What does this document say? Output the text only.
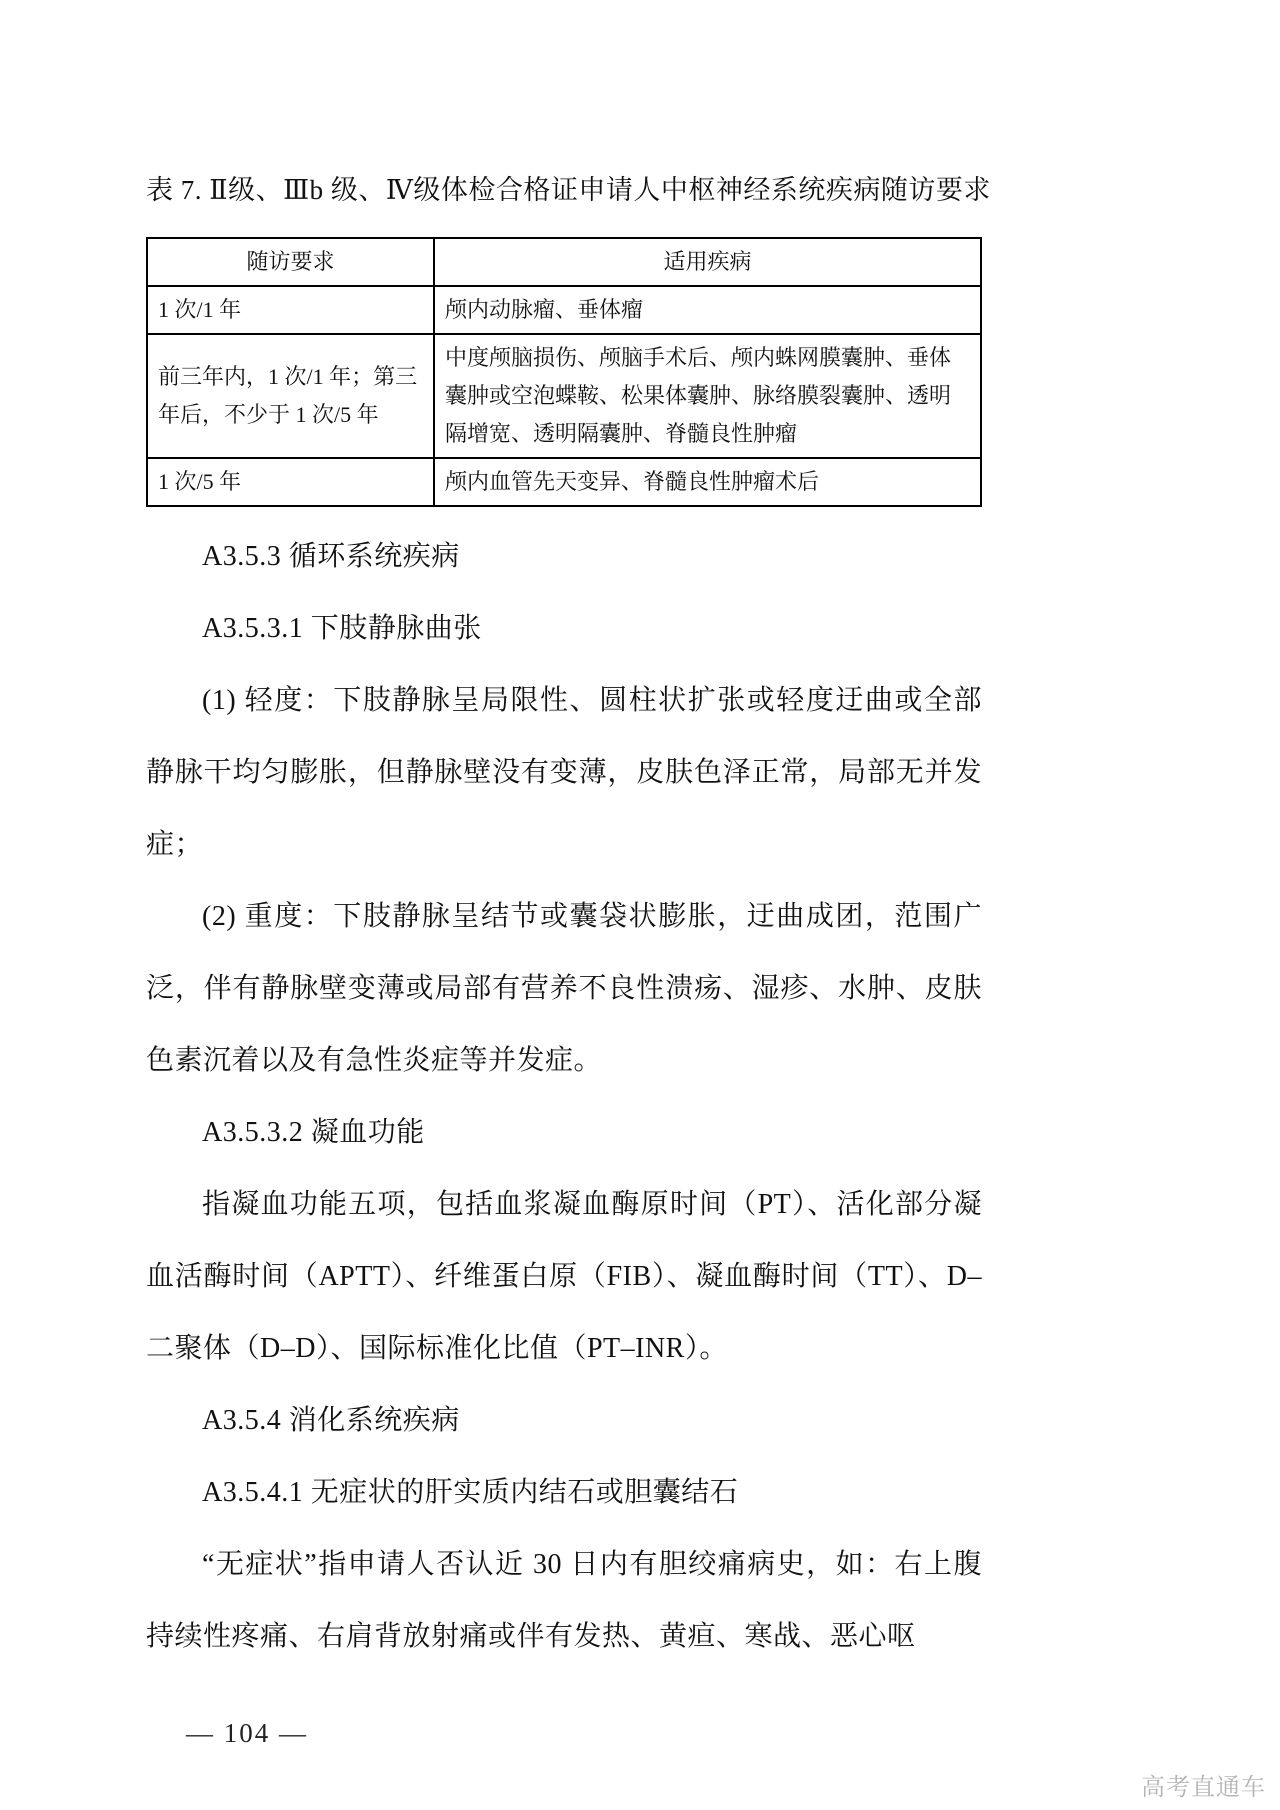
表 7. Ⅱ级、Ⅲb 级、Ⅳ级体检合格证申请人中枢神经系统疾病随访要求
随访要求	适用疾病
1 次/1 年	颅内动脉瘤、垂体瘤
前三年内，1 次/1 年；第三年后，不少于 1 次/5 年	中度颅脑损伤、颅脑手术后、颅内蛛网膜囊肿、垂体囊肿或空泡蝶鞍、松果体囊肿、脉络膜裂囊肿、透明隔增宽、透明隔囊肿、脊髓良性肿瘤
1 次/5 年	颅内血管先天变异、脊髓良性肿瘤术后
A3.5.3 循环系统疾病
A3.5.3.1 下肢静脉曲张
(1) 轻度：下肢静脉呈局限性、圆柱状扩张或轻度迂曲或全部静脉干均匀膨胀，但静脉壁没有变薄，皮肤色泽正常，局部无并发症；
(2) 重度：下肢静脉呈结节或囊袋状膨胀，迂曲成团，范围广泛，伴有静脉壁变薄或局部有营养不良性溃疡、湿疹、水肿、皮肤色素沉着以及有急性炎症等并发症。
A3.5.3.2 凝血功能
指凝血功能五项，包括血浆凝血酶原时间（PT）、活化部分凝血活酶时间（APTT）、纤维蛋白原（FIB）、凝血酶时间（TT）、D–二聚体（D–D）、国际标准化比值（PT–INR）。
A3.5.4 消化系统疾病
A3.5.4.1 无症状的肝实质内结石或胆囊结石
“无症状”指申请人否认近 30 日内有胆绞痛病史，如：右上腹持续性疼痛、右肩背放射痛或伴有发热、黄疸、寒战、恶心呕
— 104 —
高考直通车
